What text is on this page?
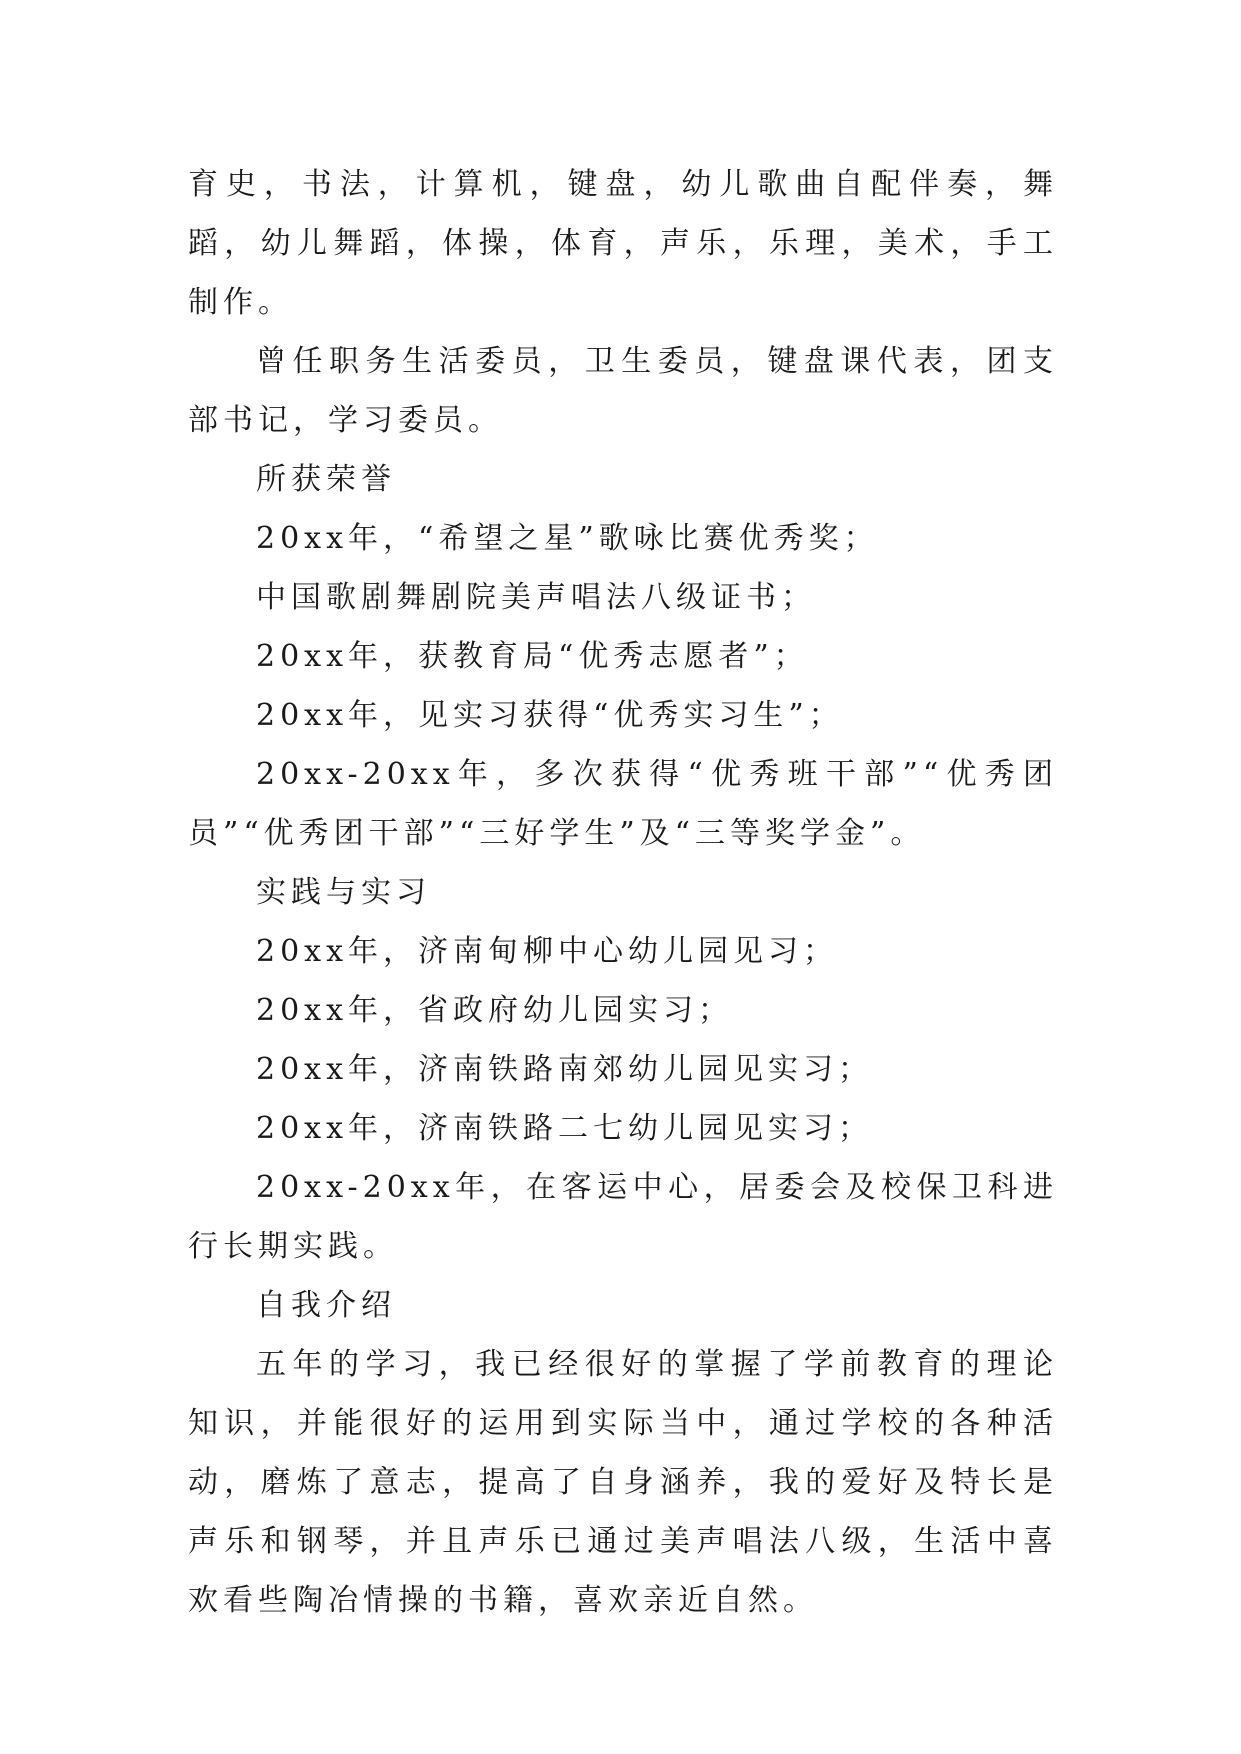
育史，书法，计算机，键盘，幼儿歌曲自配伴奏，舞蹈，幼儿舞蹈，体操，体育，声乐，乐理，美术，手工制作。

曾任职务生活委员，卫生委员，键盘课代表，团支部书记，学习委员。

所获荣誉

20xx年，“希望之星”歌咏比赛优秀奖；

中国歌剧舞剧院美声唱法八级证书；

20xx年，获教育局“优秀志愿者”；

20xx年，见实习获得“优秀实习生”；

20xx-20xx年，多次获得“优秀班干部”“优秀团员”“优秀团干部”“三好学生”及“三等奖学金”。

实践与实习

20xx年，济南甸柳中心幼儿园见习；

20xx年，省政府幼儿园实习；

20xx年，济南铁路南郊幼儿园见实习；

20xx年，济南铁路二七幼儿园见实习；

20xx-20xx年，在客运中心，居委会及校保卫科进行长期实践。

自我介绍

五年的学习，我已经很好的掌握了学前教育的理论知识，并能很好的运用到实际当中，通过学校的各种活动，磨炼了意志，提高了自身涵养，我的爱好及特长是声乐和钢琴，并且声乐已通过美声唱法八级，生活中喜欢看些陶冶情操的书籍，喜欢亲近自然。
